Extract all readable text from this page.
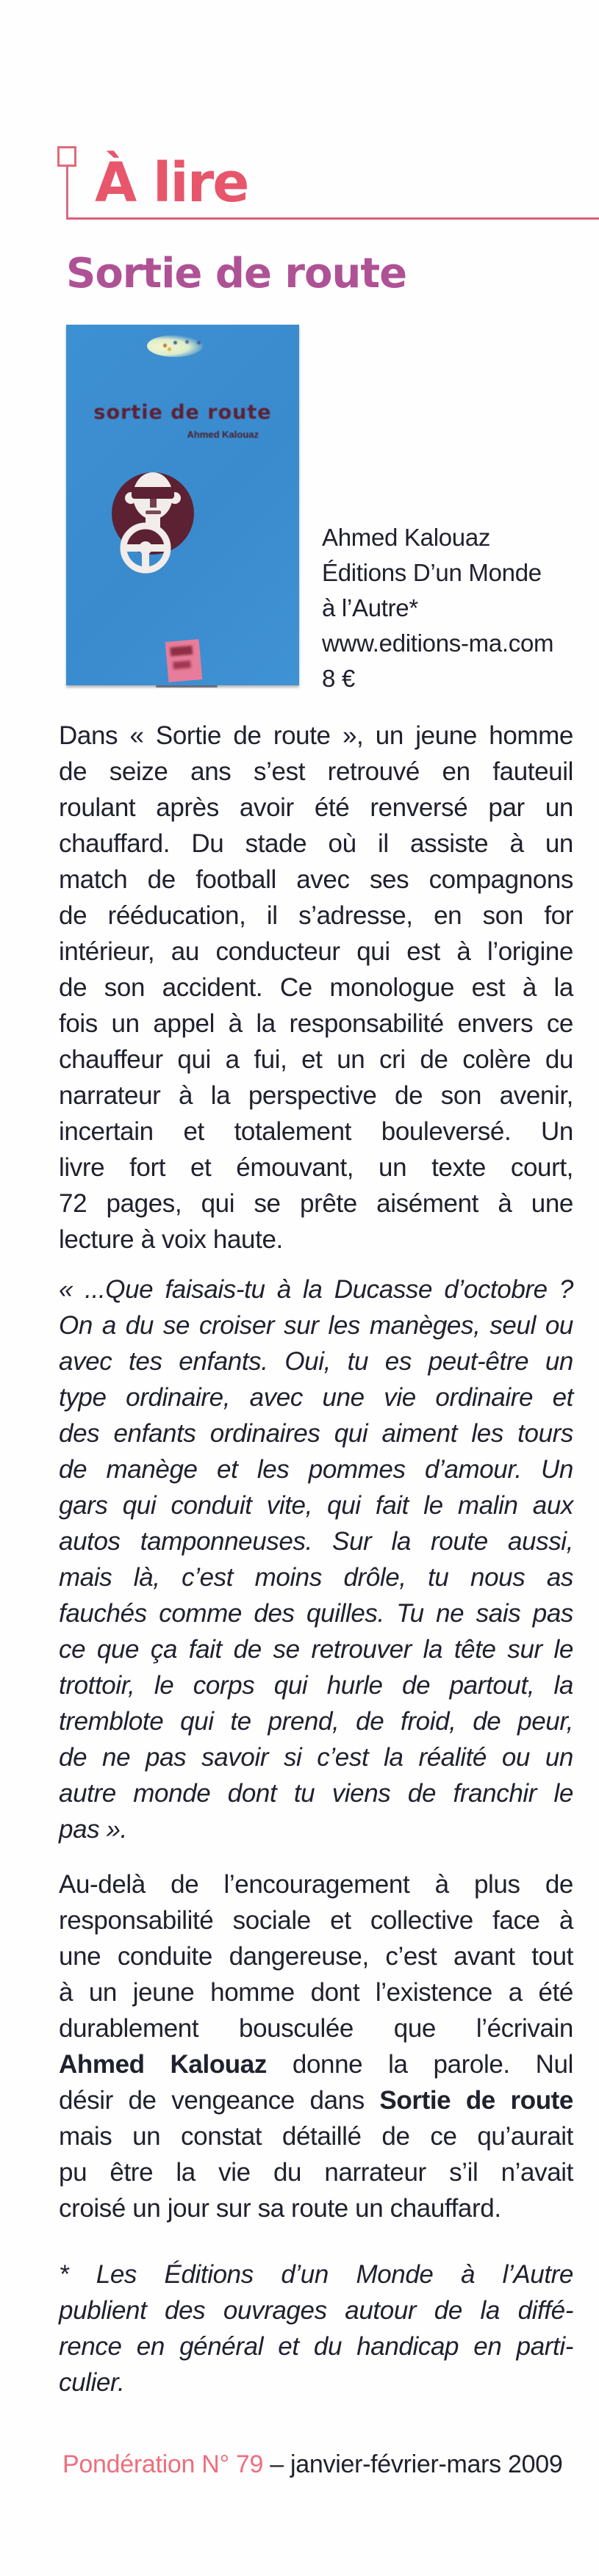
À lire
Sortie de route
sortie de route
Ahmed Kalouaz
Ahmed Kalouaz
Éditions D’un Monde
à l’Autre*
www.editions-ma.com
8 €
Dans « Sortie de route », un jeune homme
de seize ans s’est retrouvé en fauteuil
roulant après avoir été renversé par un
chauffard. Du stade où il assiste à un
match de football avec ses compagnons
de rééducation, il s’adresse, en son for
intérieur, au conducteur qui est à l’origine
de son accident. Ce monologue est à la
fois un appel à la responsabilité envers ce
chauffeur qui a fui, et un cri de colère du
narrateur à la perspective de son avenir,
incertain et totalement bouleversé. Un
livre fort et émouvant, un texte court,
72 pages, qui se prête aisément à une
lecture à voix haute.
« ...Que faisais-tu à la Ducasse d’octobre ?
On a du se croiser sur les manèges, seul ou
avec tes enfants. Oui, tu es peut-être un
type ordinaire, avec une vie ordinaire et
des enfants ordinaires qui aiment les tours
de manège et les pommes d’amour. Un
gars qui conduit vite, qui fait le malin aux
autos tamponneuses. Sur la route aussi,
mais là, c’est moins drôle, tu nous as
fauchés comme des quilles. Tu ne sais pas
ce que ça fait de se retrouver la tête sur le
trottoir, le corps qui hurle de partout, la
tremblote qui te prend, de froid, de peur,
de ne pas savoir si c’est la réalité ou un
autre monde dont tu viens de franchir le
pas ».
Au-delà de l’encouragement à plus de
responsabilité sociale et collective face à
une conduite dangereuse, c’est avant tout
à un jeune homme dont l’existence a été
durablement bousculée que l’écrivain
Ahmed Kalouaz donne la parole. Nul
désir de vengeance dans Sortie de route
mais un constat détaillé de ce qu’aurait
pu être la vie du narrateur s’il n’avait
croisé un jour sur sa route un chauffard.
* Les Éditions d’un Monde à l’Autre
publient des ouvrages autour de la diffé-
rence en général et du handicap en parti-
culier.
Pondération N° 79 – janvier-février-mars 2009
